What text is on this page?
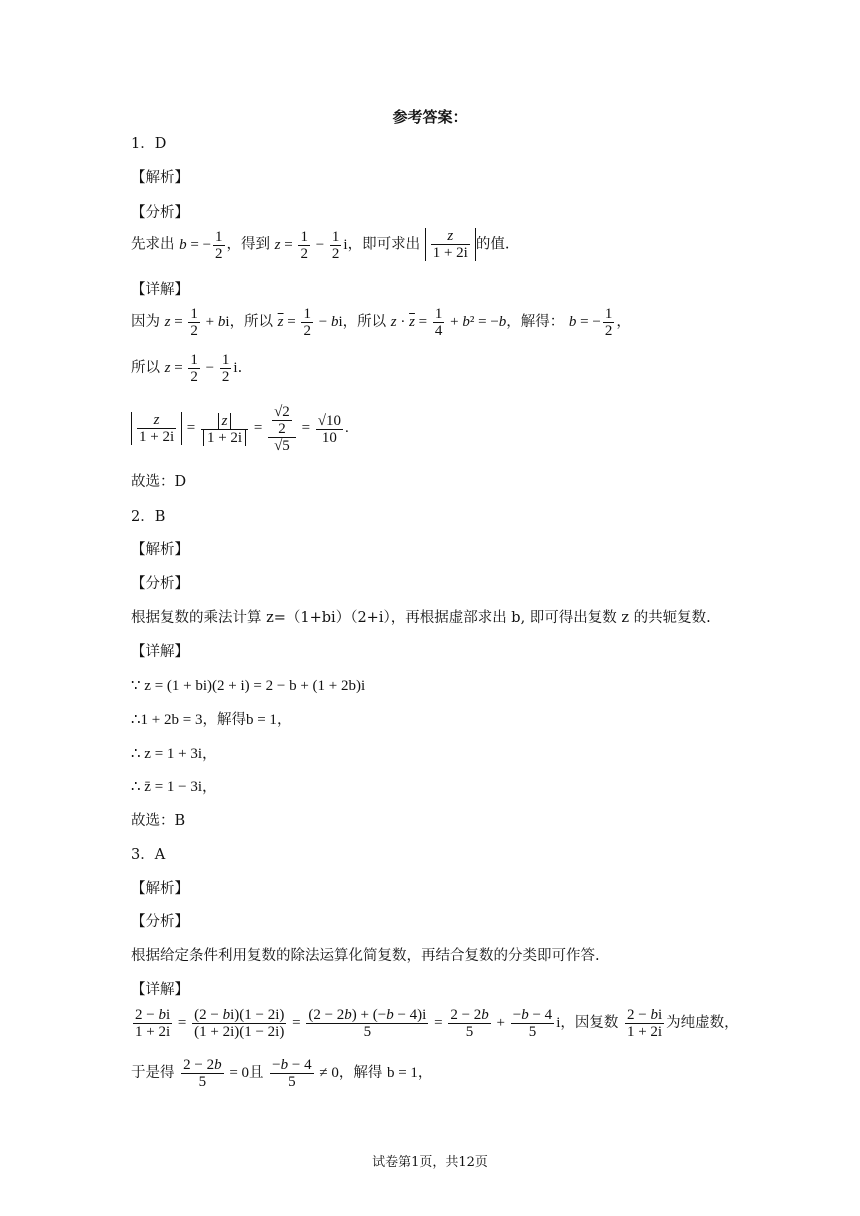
参考答案：
1．D
【解析】
【分析】
先求出 b = − $\frac{1}{2}$ ，得到 $z = \frac{1}{2} - \frac{1}{2}$ i，即可求出 $\frac{z}{1 + 2i}$ 的值.
【详解】
因为 $z = \frac{1}{2}$ + bi，所以 $\overline{z} = \frac{1}{2}$ − bi，所以 $z \cdot \overline{z} = \frac{1}{4} + b^2 = -b$，解得： b = − $\frac{1}{2}$ ，
所以 $z = \frac{1}{2} - \frac{1}{2} i$.
$\frac{z}{1 + 2i} = \frac{z}{1 + 2i} = \frac{\frac{√2}{2}}{√5} = \frac{√10}{10}$ .
故选：D
2．B
【解析】
【分析】
根据复数的乘法计算 z=（1+bi）（2+i），再根据虚部求出 b, 即可得出复数 z 的共轭复数.
【详解】
∵ z = (1 + bi)(2 + i) = 2 − b + (1 + 2b)i
∴1 + 2b = 3，解得b = 1，
∴ z = 1 + 3i，
∴ z̄ = 1 − 3i，
故选：B
3．A
【解析】
【分析】
根据给定条件利用复数的除法运算化简复数，再结合复数的分类即可作答.
【详解】
$\frac{2 - bi}{1 + 2i} = \frac{(2 - bi)(1 - 2i)}{(1 + 2i)(1 - 2i)} = \frac{(2 - 2b) + (-b - 4)i}{5} = \frac{2 - 2b}{5} + \frac{-b - 4}{5}$ i，因复数 $\frac{2 - bi}{1 + 2i}$ 为纯虚数，
于是得 $\frac{2 - 2b}{5} = 0$且 $\frac{-b - 4}{5} \ne 0$，解得 b = 1，
试卷第1页，共12页
